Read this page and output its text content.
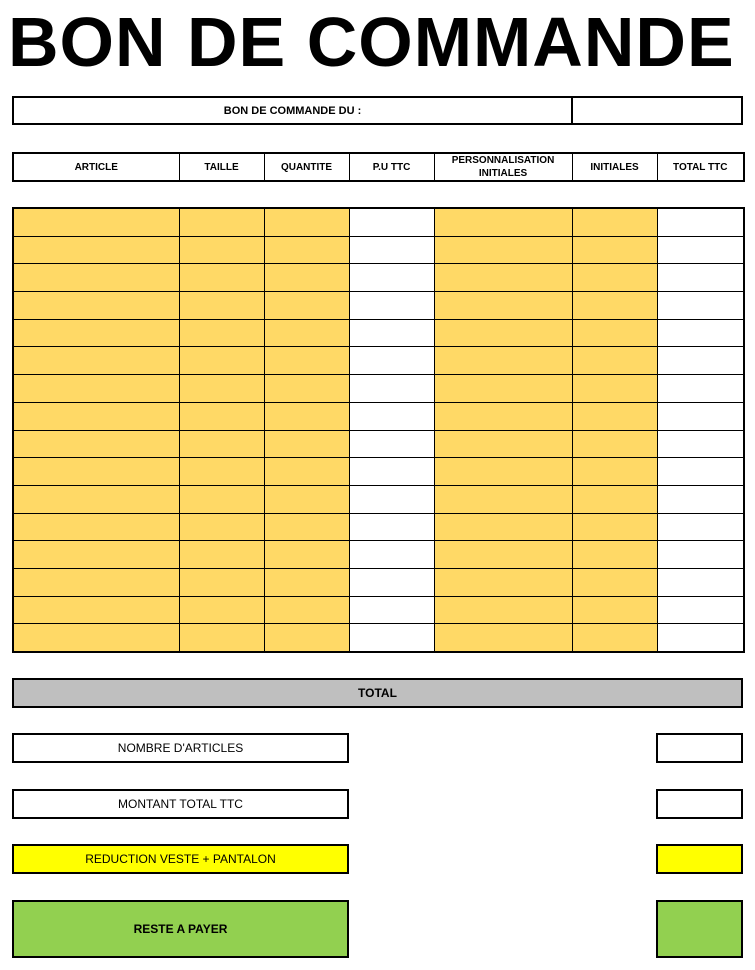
BON DE COMMANDE
BON DE COMMANDE DU :
ARTICLE	TAILLE	QUANTITE	P.U TTC	PERSONNALISATION INITIALES	INITIALES	TOTAL TTC

TOTAL
NOMBRE D'ARTICLES
MONTANT TOTAL TTC
REDUCTION VESTE + PANTALON
RESTE A PAYER
